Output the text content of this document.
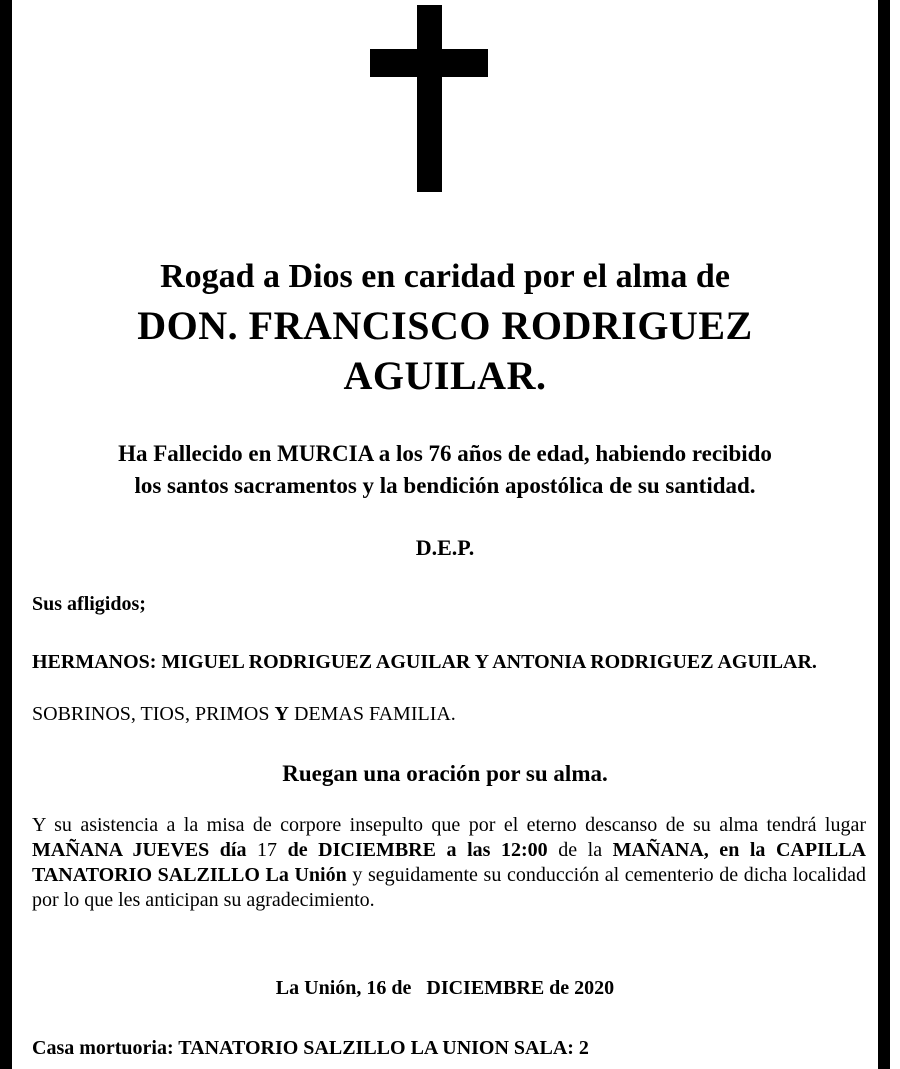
Rogad a Dios en caridad por el alma de
DON. FRANCISCO RODRIGUEZ
AGUILAR.
Ha Fallecido en MURCIA a los 76 años de edad, habiendo recibido
los santos sacramentos y la bendición apostólica de su santidad.
D.E.P.
Sus afligidos;
HERMANOS: MIGUEL RODRIGUEZ AGUILAR Y ANTONIA RODRIGUEZ AGUILAR.
SOBRINOS, TIOS, PRIMOS Y DEMAS FAMILIA.
Ruegan una oración por su alma.
Y su asistencia a la misa de corpore insepulto que por el eterno descanso de su alma tendrá lugar MAÑANA JUEVES día 17 de DICIEMBRE a las 12:00 de la MAÑANA, en la CAPILLA TANATORIO SALZILLO La Unión y seguidamente su conducción al cementerio de dicha localidad por lo que les anticipan su agradecimiento.
La Unión, 16 de   DICIEMBRE de 2020
Casa mortuoria: TANATORIO SALZILLO LA UNION SALA: 2
